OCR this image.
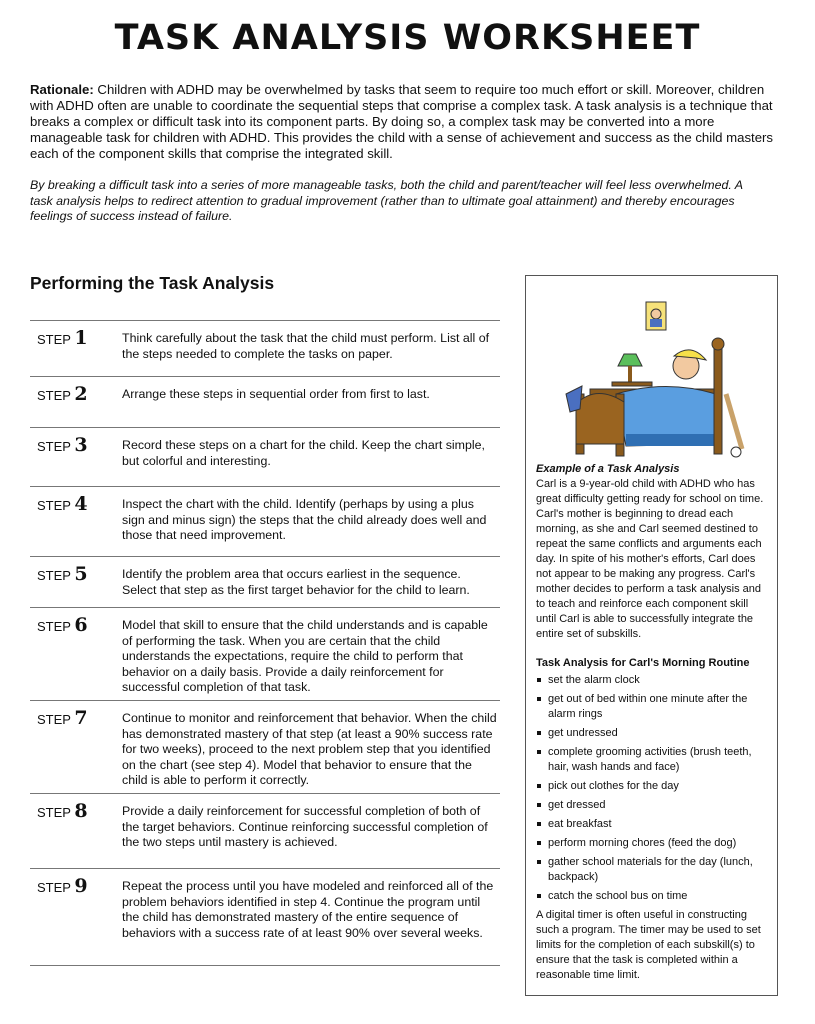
TASK ANALYSIS WORKSHEET
Rationale: Children with ADHD may be overwhelmed by tasks that seem to require too much effort or skill. Moreover, children with ADHD often are unable to coordinate the sequential steps that comprise a complex task. A task analysis is a technique that breaks a complex or difficult task into its component parts. By doing so, a complex task may be converted into a more manageable task for children with ADHD. This provides the child with a sense of achievement and success as the child masters each of the component skills that comprise the integrated skill.
By breaking a difficult task into a series of more manageable tasks, both the child and parent/teacher will feel less overwhelmed. A task analysis helps to redirect attention to gradual improvement (rather than to ultimate goal attainment) and thereby encourages feelings of success instead of failure.
Performing the Task Analysis
STEP 1	Think carefully about the task that the child must perform. List all of the steps needed to complete the tasks on paper.
STEP 2	Arrange these steps in sequential order from first to last.
STEP 3	Record these steps on a chart for the child. Keep the chart simple, but colorful and interesting.
STEP 4	Inspect the chart with the child. Identify (perhaps by using a plus sign and minus sign) the steps that the child already does well and those that need improvement.
STEP 5	Identify the problem area that occurs earliest in the sequence. Select that step as the first target behavior for the child to learn.
STEP 6	Model that skill to ensure that the child understands and is capable of performing the task. When you are certain that the child understands the expectations, require the child to perform that behavior on a daily basis. Provide a daily reinforcement for successful completion of that task.
STEP 7	Continue to monitor and reinforcement that behavior. When the child has demonstrated mastery of that step (at least a 90% success rate for two weeks), proceed to the next problem step that you identified on the chart (see step 4). Model that behavior to ensure that the child is able to perform it correctly.
STEP 8	Provide a daily reinforcement for successful completion of both of the target behaviors. Continue reinforcing successful completion of the two steps until mastery is achieved.
STEP 9	Repeat the process until you have modeled and reinforced all of the problem behaviors identified in step 4. Continue the program until the child has demonstrated mastery of the entire sequence of behaviors with a success rate of at least 90% over several weeks.
Example of a Task Analysis

Carl is a 9-year-old child with ADHD who has great difficulty getting ready for school on time. Carl's mother is beginning to dread each morning, as she and Carl seemed destined to repeat the same conflicts and arguments each day. In spite of his mother's efforts, Carl does not appear to be making any progress. Carl's mother decides to perform a task analysis and to teach and reinforce each component skill until Carl is able to successfully integrate the entire set of subskills.

Task Analysis for Carl's Morning Routine
set the alarm clock
get out of bed within one minute after the alarm rings
get undressed
complete grooming activities (brush teeth, hair, wash hands and face)
pick out clothes for the day
get dressed
eat breakfast
perform morning chores (feed the dog)
gather school materials for the day (lunch, backpack)
catch the school bus on time

A digital timer is often useful in constructing such a program. The timer may be used to set limits for the completion of each subskill(s) to ensure that the task is completed within a reasonable time limit.
